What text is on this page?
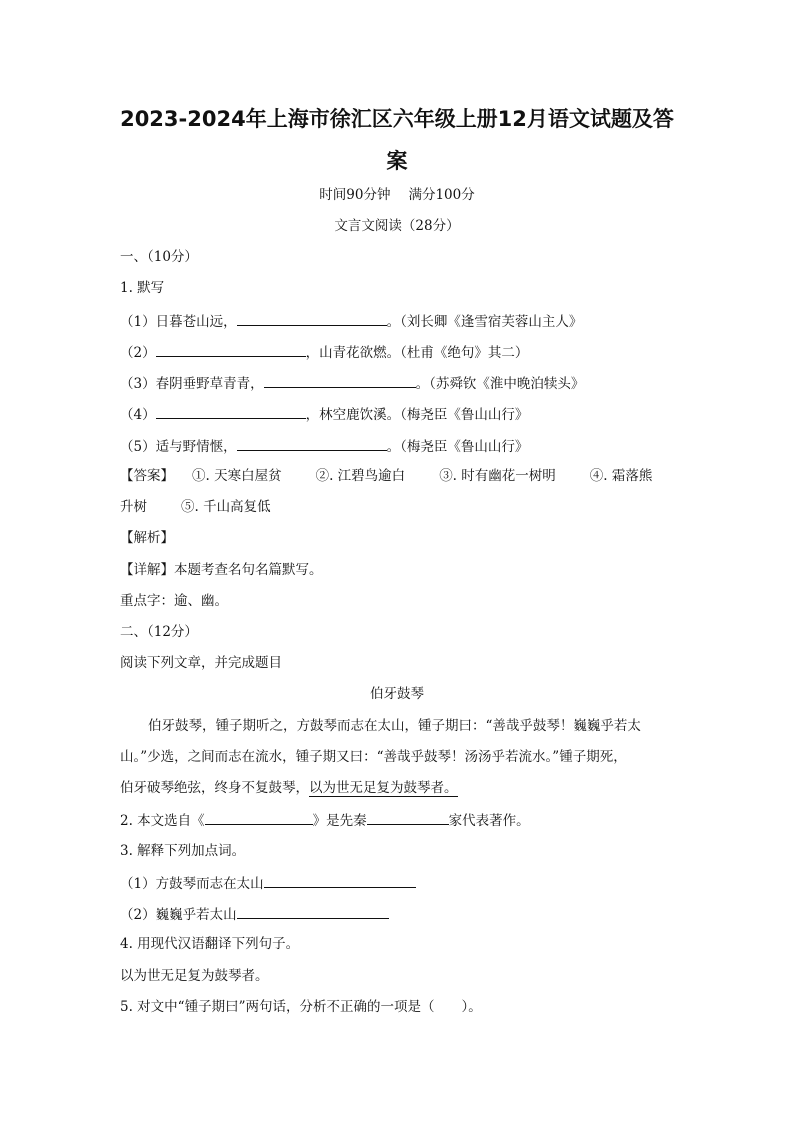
2023-2024年上海市徐汇区六年级上册12月语文试题及答
案
时间90分钟 满分100分
文言文阅读（28分）
一、（10分）
1. 默写
（1）日暮苍山远，	。（刘长卿《逢雪宿芙蓉山主人》
（2）	，山青花欲燃。（杜甫《绝句》其二）
（3）春阴垂野草青青，	。（苏舜钦《淮中晚泊犊头》
（4）	，林空鹿饮溪。（梅尧臣《鲁山山行》
（5）适与野情惬，	。（梅尧臣《鲁山山行》
【答案】 ①. 天寒白屋贫	②. 江碧鸟逾白	③. 时有幽花一树明	④. 霜落熊
升树	⑤. 千山高复低
【解析】
【详解】本题考查名句名篇默写。
重点字：逾、幽。
二、（12分）
阅读下列文章，并完成题目
伯牙鼓琴
伯牙鼓琴，锺子期听之，方鼓琴而志在太山，锺子期曰：“善哉乎鼓琴！巍巍乎若太
山。”少选，之间而志在流水，锺子期又曰：“善哉乎鼓琴！汤汤乎若流水。”锺子期死，
伯牙破琴绝弦，终身不复鼓琴，以为世无足复为鼓琴者。
2. 本文选自《	》是先秦	家代表著作。
3. 解释下列加点词。
（1）方鼓琴而志在太山
（2）巍巍乎若太山
4. 用现代汉语翻译下列句子。
以为世无足复为鼓琴者。
5. 对文中“锺子期曰”两句话，分析不正确的一项是（　　）。
